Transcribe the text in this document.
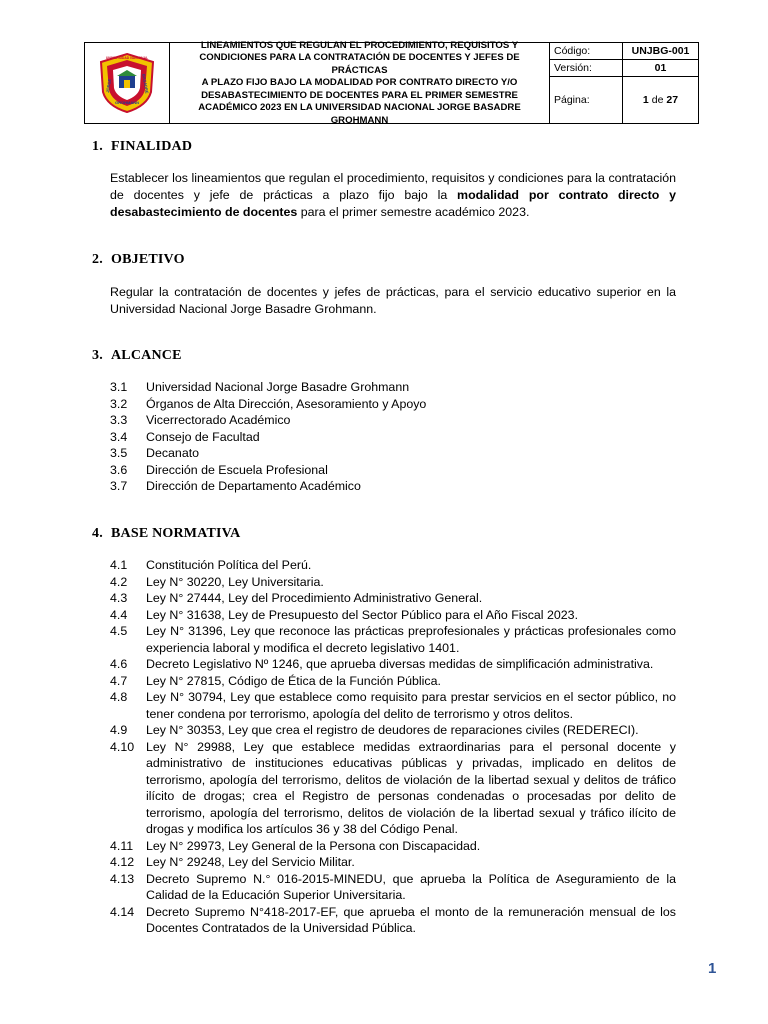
UNIVERSIDAD NACIONAL
JORGE	BASADRE
GROHMANN
LINEAMIENTOS QUE REGULAN EL PROCEDIMIENTO, REQUISITOS Y
CONDICIONES PARA LA CONTRATACIÓN DE DOCENTES Y JEFES DE PRÁCTICAS
A PLAZO FIJO BAJO LA MODALIDAD POR CONTRATO DIRECTO Y/O
DESABASTECIMIENTO DE DOCENTES PARA EL PRIMER SEMESTRE
ACADÉMICO 2023 EN LA UNIVERSIDAD NACIONAL JORGE BASADRE
GROHMANN
Código:	UNJBG-001
Versión:	01
Página:	1 de 27
1. FINALIDAD
Establecer los lineamientos que regulan el procedimiento, requisitos y condiciones para la contratación de docentes y jefe de prácticas a plazo fijo bajo la modalidad por contrato directo y desabastecimiento de docentes para el primer semestre académico 2023.
2. OBJETIVO
Regular la contratación de docentes y jefes de prácticas, para el servicio educativo superior en la Universidad Nacional Jorge Basadre Grohmann.
3. ALCANCE
3.1	Universidad Nacional Jorge Basadre Grohmann
3.2	Órganos de Alta Dirección, Asesoramiento y Apoyo
3.3	Vicerrectorado Académico
3.4	Consejo de Facultad
3.5	Decanato
3.6	Dirección de Escuela Profesional
3.7	Dirección de Departamento Académico
4. BASE NORMATIVA
4.1	Constitución Política del Perú.
4.2	Ley N° 30220, Ley Universitaria.
4.3	Ley N° 27444, Ley del Procedimiento Administrativo General.
4.4	Ley N° 31638, Ley de Presupuesto del Sector Público para el Año Fiscal 2023.
4.5	Ley N° 31396, Ley que reconoce las prácticas preprofesionales y prácticas profesionales como experiencia laboral y modifica el decreto legislativo 1401.
4.6	Decreto Legislativo Nº 1246, que aprueba diversas medidas de simplificación administrativa.
4.7	Ley N° 27815, Código de Ética de la Función Pública.
4.8	Ley N° 30794, Ley que establece como requisito para prestar servicios en el sector público, no tener condena por terrorismo, apología del delito de terrorismo y otros delitos.
4.9	Ley N° 30353, Ley que crea el registro de deudores de reparaciones civiles (REDERECI).
4.10 Ley N° 29988, Ley que establece medidas extraordinarias para el personal docente y administrativo de instituciones educativas públicas y privadas, implicado en delitos de terrorismo, apología del terrorismo, delitos de violación de la libertad sexual y delitos de tráfico ilícito de drogas; crea el Registro de personas condenadas o procesadas por delito de terrorismo, apología del terrorismo, delitos de violación de la libertad sexual y tráfico ilícito de drogas y modifica los artículos 36 y 38 del Código Penal.
4.11	Ley N° 29973, Ley General de la Persona con Discapacidad.
4.12 Ley N° 29248, Ley del Servicio Militar.
4.13 Decreto Supremo N.° 016-2015-MINEDU, que aprueba la Política de Aseguramiento de la Calidad de la Educación Superior Universitaria.
4.14 Decreto Supremo N°418-2017-EF, que aprueba el monto de la remuneración mensual de los Docentes Contratados de la Universidad Pública.
1
